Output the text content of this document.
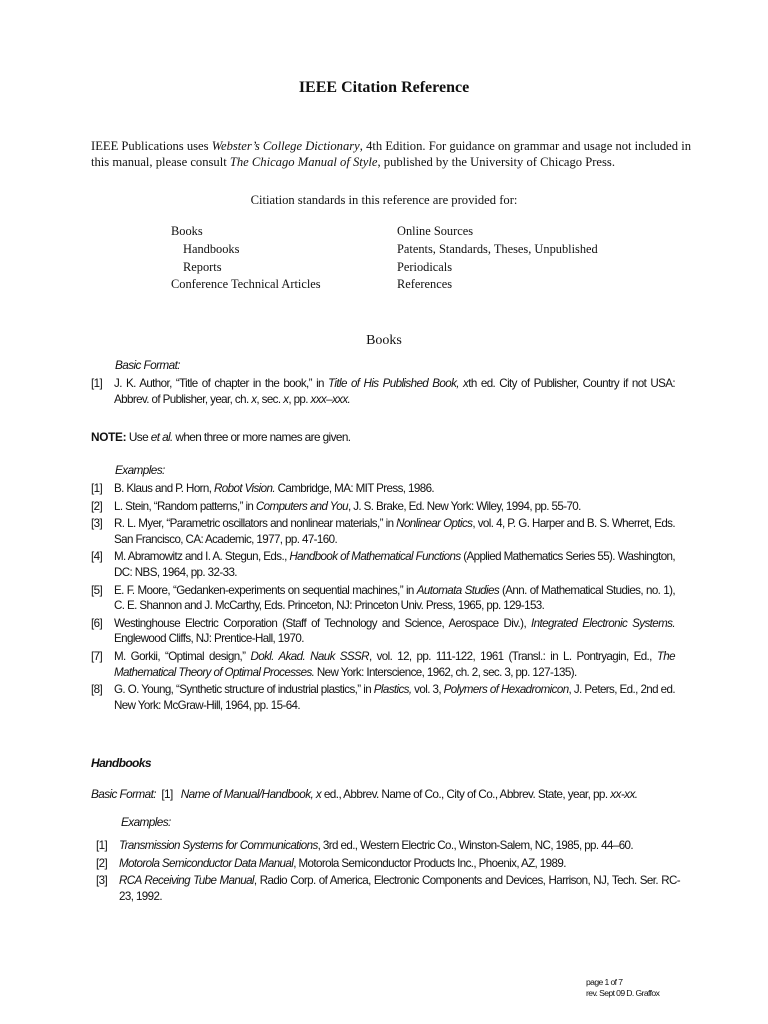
IEEE Citation Reference
IEEE Publications uses Webster’s College Dictionary, 4th Edition. For guidance on grammar and usage not included in this manual, please consult The Chicago Manual of Style, published by the University of Chicago Press.
Citiation standards in this reference are provided for:
Books
Handbooks
Reports
Conference Technical Articles
Online Sources
Patents, Standards, Theses, Unpublished
Periodicals
References
Books
Basic Format:
[1] J. K. Author, “Title of chapter in the book,” in Title of His Published Book, xth ed. City of Publisher, Country if not USA: Abbrev. of Publisher, year, ch. x, sec. x, pp. xxx–xxx.
NOTE: Use et al. when three or more names are given.
Examples:
[1] B. Klaus and P. Horn, Robot Vision. Cambridge, MA: MIT Press, 1986.
[2] L. Stein, “Random patterns,” in Computers and You, J. S. Brake, Ed. New York: Wiley, 1994, pp. 55-70.
[3] R. L. Myer, “Parametric oscillators and nonlinear materials,” in Nonlinear Optics, vol. 4, P. G. Harper and B. S. Wherret, Eds. San Francisco, CA: Academic, 1977, pp. 47-160.
[4] M. Abramowitz and I. A. Stegun, Eds., Handbook of Mathematical Functions (Applied Mathematics Series 55). Washington, DC: NBS, 1964, pp. 32-33.
[5] E. F. Moore, “Gedanken-experiments on sequential machines,” in Automata Studies (Ann. of Mathematical Studies, no. 1), C. E. Shannon and J. McCarthy, Eds. Princeton, NJ: Princeton Univ. Press, 1965, pp. 129-153.
[6] Westinghouse Electric Corporation (Staff of Technology and Science, Aerospace Div.), Integrated Electronic Systems. Englewood Cliffs, NJ: Prentice-Hall, 1970.
[7] M. Gorkii, “Optimal design,” Dokl. Akad. Nauk SSSR, vol. 12, pp. 111-122, 1961 (Transl.: in L. Pontryagin, Ed., The Mathematical Theory of Optimal Processes. New York: Interscience, 1962, ch. 2, sec. 3, pp. 127-135).
[8] G. O. Young, “Synthetic structure of industrial plastics,” in Plastics, vol. 3, Polymers of Hexadromicon, J. Peters, Ed., 2nd ed. New York: McGraw-Hill, 1964, pp. 15-64.
Handbooks
Basic Format: [1] Name of Manual/Handbook, x ed., Abbrev. Name of Co., City of Co., Abbrev. State, year, pp. xx-xx.
Examples:
[1] Transmission Systems for Communications, 3rd ed., Western Electric Co., Winston-Salem, NC, 1985, pp. 44–60.
[2] Motorola Semiconductor Data Manual, Motorola Semiconductor Products Inc., Phoenix, AZ, 1989.
[3] RCA Receiving Tube Manual, Radio Corp. of America, Electronic Components and Devices, Harrison, NJ, Tech. Ser. RC-23, 1992.
page 1 of 7
rev. Sept 09 D. Graffox
